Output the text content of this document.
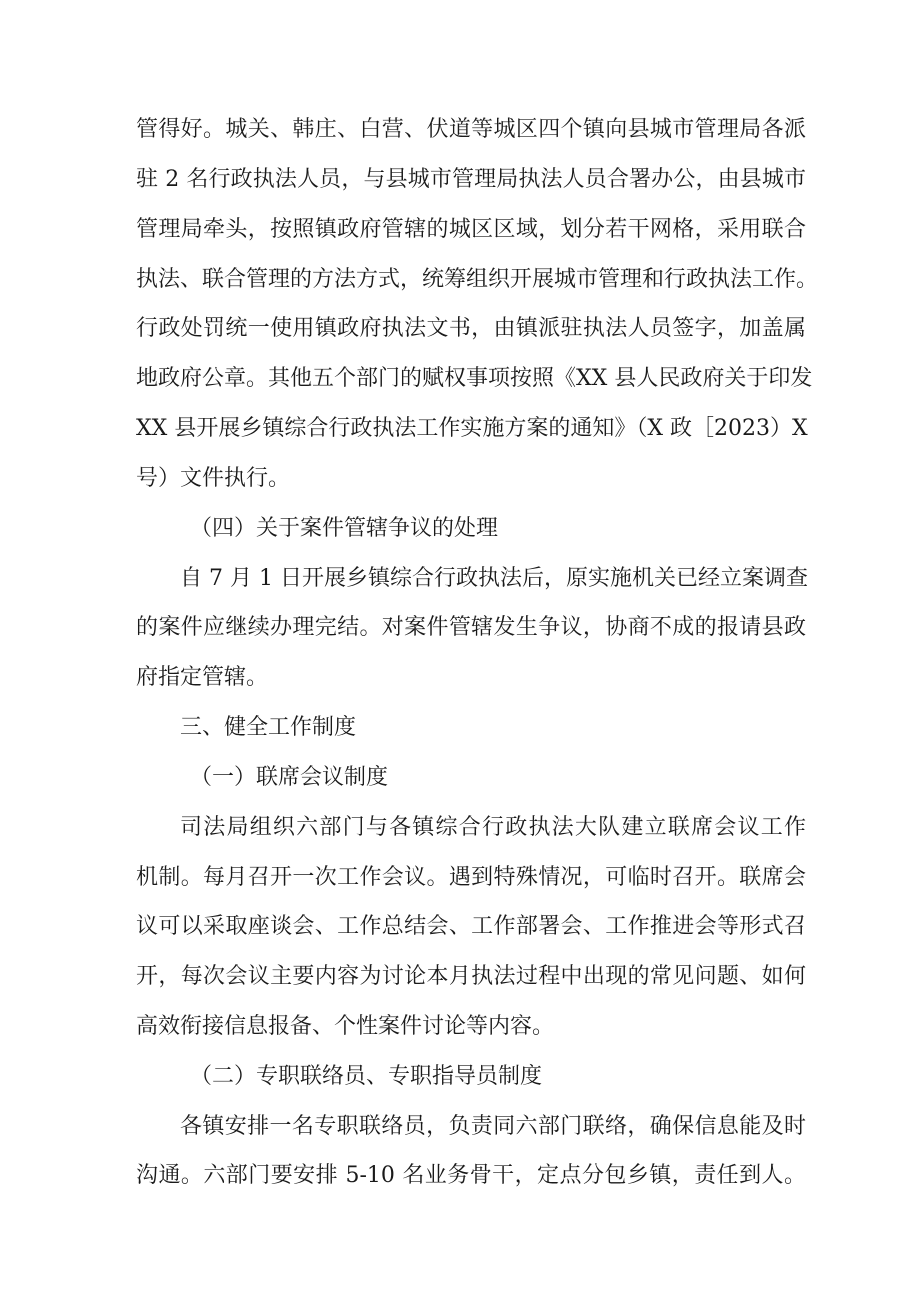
管得好。城关、韩庄、白营、伏道等城区四个镇向县城市管理局各派
驻 2 名行政执法人员，与县城市管理局执法人员合署办公，由县城市
管理局牵头，按照镇政府管辖的城区区域，划分若干网格，采用联合
执法、联合管理的方法方式，统筹组织开展城市管理和行政执法工作。
行政处罚统一使用镇政府执法文书，由镇派驻执法人员签字，加盖属
地政府公章。其他五个部门的赋权事项按照《XX 县人民政府关于印发
XX 县开展乡镇综合行政执法工作实施方案的通知》（X 政［2023）X
号）文件执行。
（四）关于案件管辖争议的处理
自 7 月 1 日开展乡镇综合行政执法后，原实施机关已经立案调查
的案件应继续办理完结。对案件管辖发生争议，协商不成的报请县政
府指定管辖。
三、健全工作制度
（一）联席会议制度
司法局组织六部门与各镇综合行政执法大队建立联席会议工作
机制。每月召开一次工作会议。遇到特殊情况，可临时召开。联席会
议可以采取座谈会、工作总结会、工作部署会、工作推进会等形式召
开，每次会议主要内容为讨论本月执法过程中出现的常见问题、如何
高效衔接信息报备、个性案件讨论等内容。
（二）专职联络员、专职指导员制度
各镇安排一名专职联络员，负责同六部门联络，确保信息能及时
沟通。六部门要安排 5-10 名业务骨干，定点分包乡镇，责任到人。
